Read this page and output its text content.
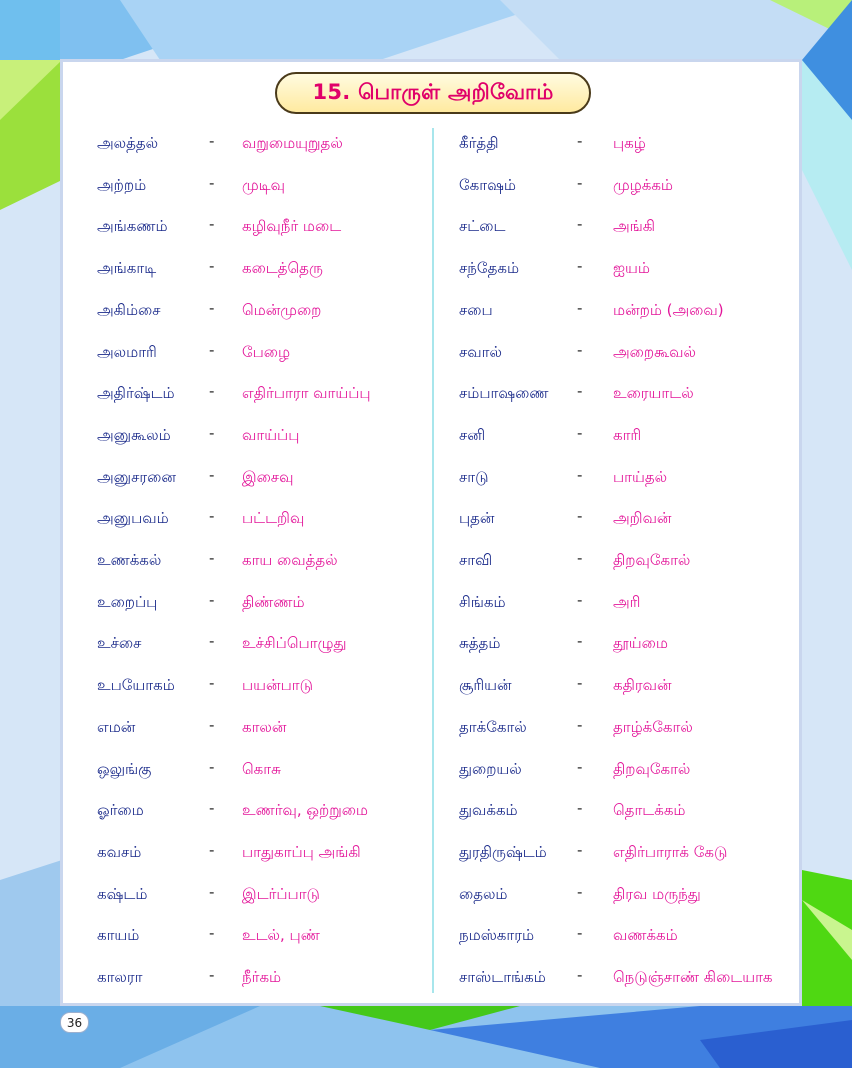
15. பொருள் அறிவோம்
அலத்தல்	- வறுமையுறுதல்
அற்றம்	- முடிவு
அங்கணம்	- கழிவுநீர் மடை
அங்காடி	- கடைத்தெரு
அகிம்சை	- மென்முறை
அலமாரி	- பேழை
அதிர்ஷ்டம் - எதிர்பாரா வாய்ப்பு
அனுகூலம்	- வாய்ப்பு
அனுசரனை - இசைவு
அனுபவம்	- பட்டறிவு
உணக்கல்	- காய வைத்தல்
உறைப்பு	- திண்ணம்
உச்சை	- உச்சிப்பொழுது
உபயோகம் - பயன்பாடு
எமன்	- காலன்
ஒலுங்கு	- கொசு
ஓர்மை	- உணர்வு, ஒற்றுமை
கவசம்	- பாதுகாப்பு அங்கி
கஷ்டம்	- இடர்ப்பாடு
காயம்	- உடல், புண்
காலரா	- நீர்கம்
கீர்த்தி	- புகழ்
கோஷம்	- முழக்கம்
சட்டை	- அங்கி
சந்தேகம்	- ஐயம்
சபை	- மன்றம் (அவை)
சவால்	- அறைகூவல்
சம்பாஷணை - உரையாடல்
சனி	- காரி
சாடு	- பாய்தல்
புதன்	- அறிவன்
சாவி	- திறவுகோல்
சிங்கம்	- அரி
சுத்தம்	- தூய்மை
சூரியன்	- கதிரவன்
தாக்கோல்	- தாழ்க்கோல்
துறையல்	- திறவுகோல்
துவக்கம்	- தொடக்கம்
துரதிருஷ்டம் - எதிர்பாராக் கேடு
தைலம்	- திரவ மருந்து
நமஸ்காரம்	- வணக்கம்
சாஸ்டாங்கம் - நெடுஞ்சாண் கிடையாக
36
